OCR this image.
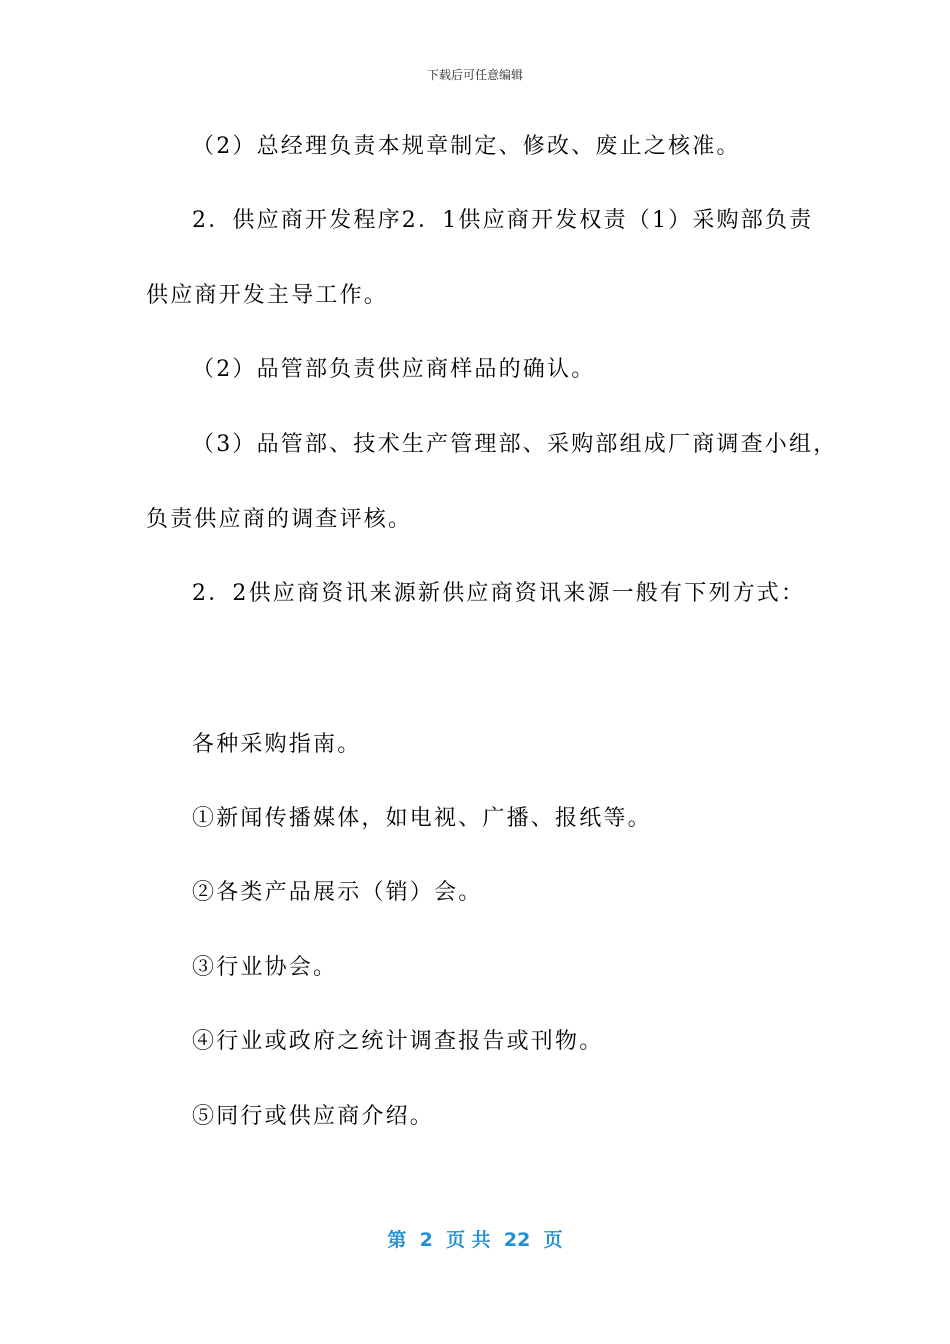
下载后可任意编辑
（2）总经理负责本规章制定、修改、废止之核准。
2．供应商开发程序2．1供应商开发权责（1）采购部负责
供应商开发主导工作。
（2）品管部负责供应商样品的确认。
（3）品管部、技术生产管理部、采购部组成厂商调查小组，
负责供应商的调查评核。
2．2供应商资讯来源新供应商资讯来源一般有下列方式：
各种采购指南。
①新闻传播媒体，如电视、广播、报纸等。
②各类产品展示（销）会。
③行业协会。
④行业或政府之统计调查报告或刊物。
⑤同行或供应商介绍。
第  2  页 共  22  页
